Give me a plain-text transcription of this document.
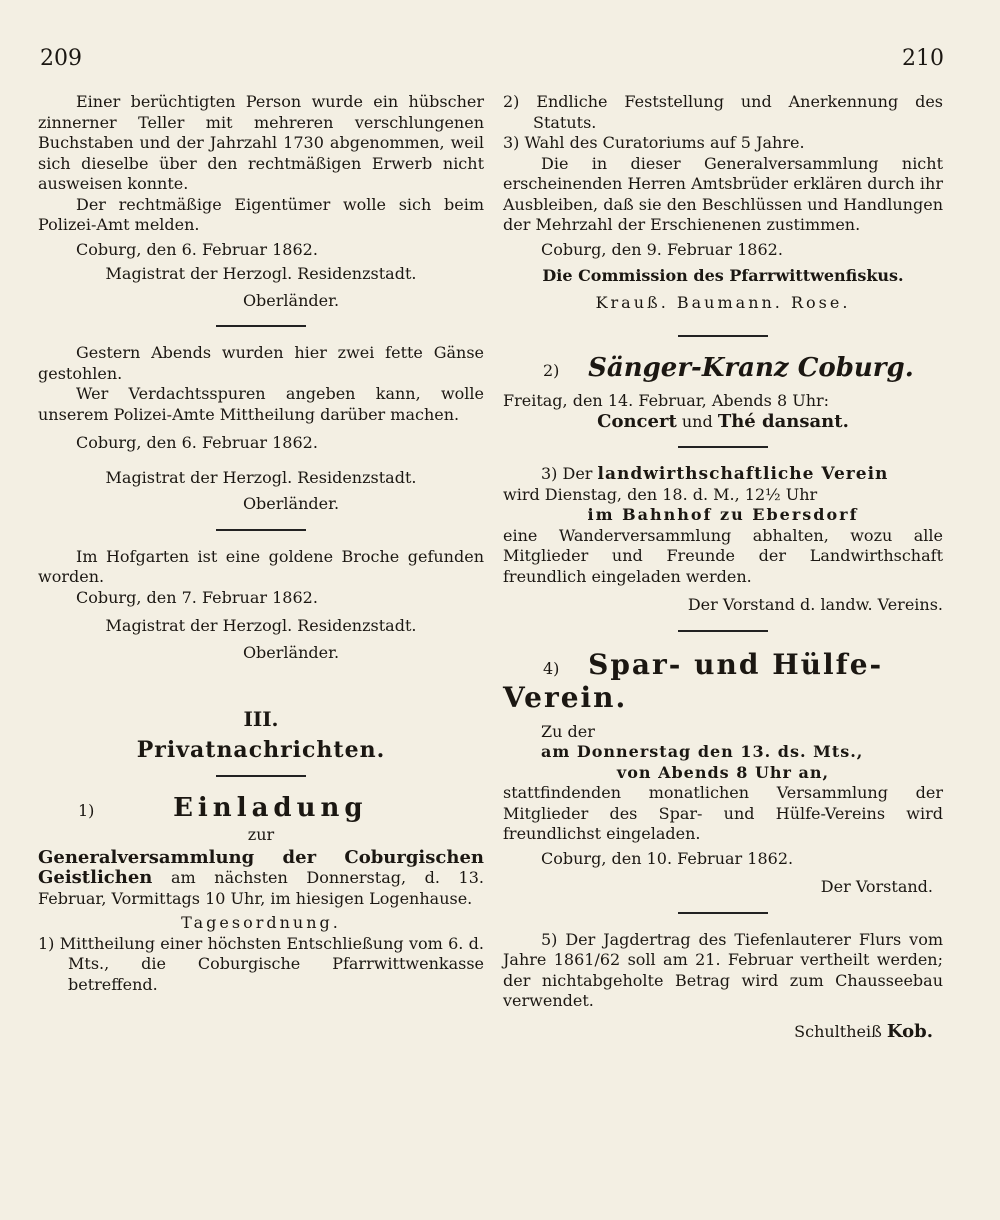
209	210

Einer berüchtigten Person wurde ein hübscher zinnerner Teller mit mehreren verschlungenen Buchstaben und der Jahrzahl 1730 abgenommen, weil sich dieselbe über den rechtmäßigen Erwerb nicht ausweisen konnte.

Der rechtmäßige Eigentümer wolle sich beim Polizei-Amt melden.

Coburg, den 6. Februar 1862.

Magistrat der Herzogl. Residenzstadt.

Oberländer.

Gestern Abends wurden hier zwei fette Gänse gestohlen.

Wer Verdachtsspuren angeben kann, wolle unserem Polizei-Amte Mittheilung darüber machen.

Coburg, den 6. Februar 1862.

Magistrat der Herzogl. Residenzstadt.

Oberländer.

Im Hofgarten ist eine goldene Broche gefunden worden.

Coburg, den 7. Februar 1862.

Magistrat der Herzogl. Residenzstadt.

Oberländer.

III.
Privatnachrichten.
1)	Einladung

zur

Generalversammlung der Coburgischen Geistlichen am nächsten Donnerstag, d. 13. Februar, Vormittags 10 Uhr, im hiesigen Logenhause.

Tagesordnung.

1) Mittheilung einer höchsten Entschließung vom 6. d. Mts., die Coburgische Pfarrwittwenkasse betreffend.

2) Endliche Feststellung und Anerkennung des Statuts.

3) Wahl des Curatoriums auf 5 Jahre.

Die in dieser Generalversammlung nicht erscheinenden Herren Amtsbrüder erklären durch ihr Ausbleiben, daß sie den Beschlüssen und Handlungen der Mehrzahl der Erschienenen zustimmen.

Coburg, den 9. Februar 1862.

Die Commission des Pfarrwittwenfiskus.

Krauß. Baumann. Rose.

2) Sänger-Kranz Coburg.

Freitag, den 14. Februar, Abends 8 Uhr:

Concert und Thé dansant.

3) Der landwirthschaftliche Verein

wird Dienstag, den 18. d. M., 12½ Uhr

im Bahnhof zu Ebersdorf

eine Wanderversammlung abhalten, wozu alle Mitglieder und Freunde der Landwirthschaft freundlich eingeladen werden.

Der Vorstand d. landw. Vereins.

4) Spar- und Hülfe-Verein.

Zu der

am Donnerstag den 13. ds. Mts.,

von Abends 8 Uhr an,

stattfindenden monatlichen Versammlung der Mitglieder des Spar- und Hülfe-Vereins wird freundlichst eingeladen.

Coburg, den 10. Februar 1862.

Der Vorstand.

5) Der Jagdertrag des Tiefenlauterer Flurs vom Jahre 1861/62 soll am 21. Februar vertheilt werden; der nichtabgeholte Betrag wird zum Chausseebau verwendet.

Schultheiß Kob.
